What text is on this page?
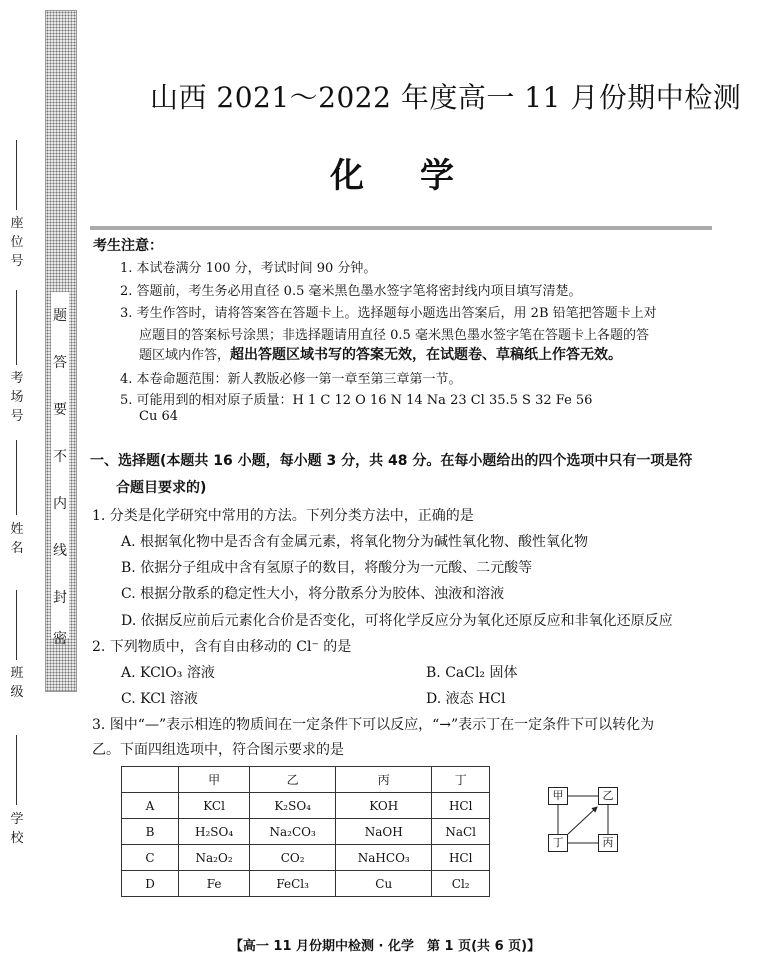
题
答
要
不
内
线
封
密
座
位
号
考
场
号
姓
名
班
级
学
校
山西 2021～2022 年度高一 11 月份期中检测
化学
考生注意：
1. 本试卷满分 100 分，考试时间 90 分钟。
2. 答题前，考生务必用直径 0.5 毫米黑色墨水签字笔将密封线内项目填写清楚。
3. 考生作答时，请将答案答在答题卡上。选择题每小题选出答案后，用 2B 铅笔把答题卡上对
应题目的答案标号涂黑；非选择题请用直径 0.5 毫米黑色墨水签字笔在答题卡上各题的答
题区域内作答，超出答题区域书写的答案无效，在试题卷、草稿纸上作答无效。
4. 本卷命题范围：新人教版必修一第一章至第三章第一节。
5. 可能用到的相对原子质量：H 1 C 12 O 16 N 14 Na 23 Cl 35.5 S 32 Fe 56
Cu 64
一、选择题(本题共 16 小题，每小题 3 分，共 48 分。在每小题给出的四个选项中只有一项是符
合题目要求的)
1. 分类是化学研究中常用的方法。下列分类方法中，正确的是
A. 根据氧化物中是否含有金属元素，将氧化物分为碱性氧化物、酸性氧化物
B. 依据分子组成中含有氢原子的数目，将酸分为一元酸、二元酸等
C. 根据分散系的稳定性大小，将分散系分为胶体、浊液和溶液
D. 依据反应前后元素化合价是否变化，可将化学反应分为氧化还原反应和非氧化还原反应
2. 下列物质中，含有自由移动的 Cl⁻ 的是
A. KClO₃ 溶液	B. CaCl₂ 固体
C. KCl 溶液	D. 液态 HCl
3. 图中“—”表示相连的物质间在一定条件下可以反应，“→”表示丁在一定条件下可以转化为
乙。下面四组选项中，符合图示要求的是
	甲	乙	丙	丁
A	KCl	K₂SO₄	KOH	HCl
B	H₂SO₄	Na₂CO₃	NaOH	NaCl
C	Na₂O₂	CO₂	NaHCO₃	HCl
D	Fe	FeCl₃	Cu	Cl₂
甲	乙
丁	丙
【高一 11 月份期中检测 · 化学　第 1 页(共 6 页)】
